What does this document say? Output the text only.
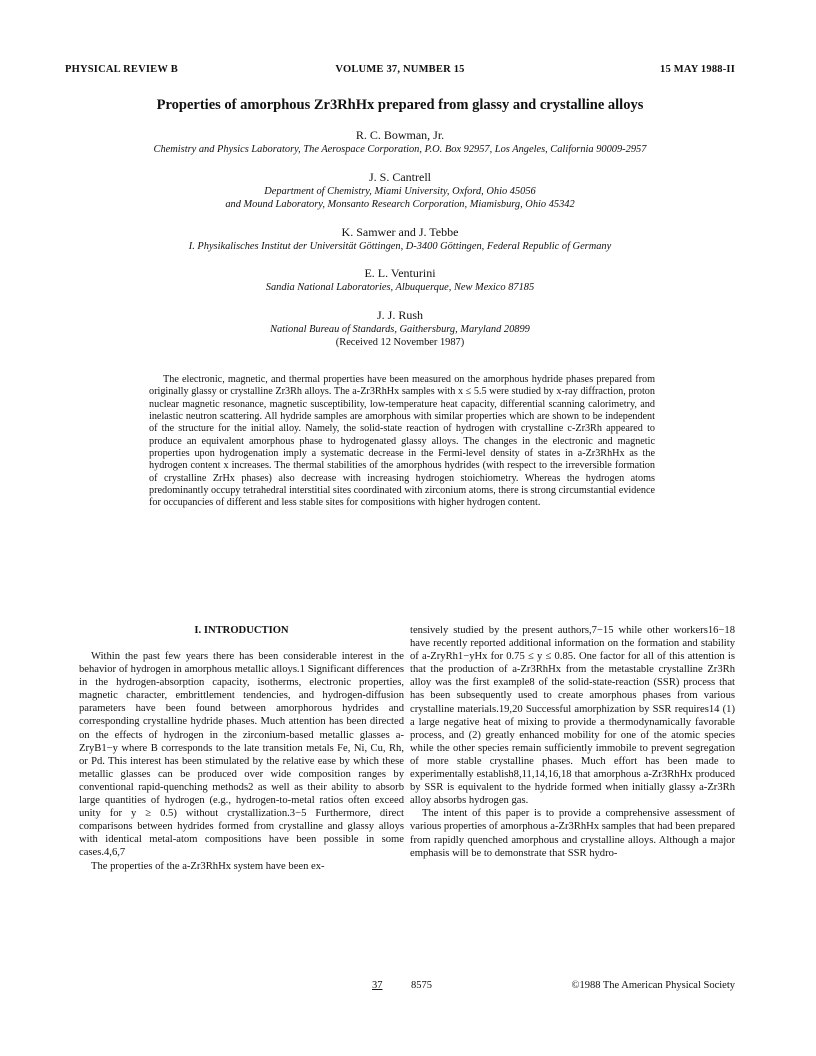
PHYSICAL REVIEW B	VOLUME 37, NUMBER 15	15 MAY 1988-II
Properties of amorphous Zr3RhHx prepared from glassy and crystalline alloys
R. C. Bowman, Jr.
Chemistry and Physics Laboratory, The Aerospace Corporation, P.O. Box 92957, Los Angeles, California 90009-2957
J. S. Cantrell
Department of Chemistry, Miami University, Oxford, Ohio 45056
and Mound Laboratory, Monsanto Research Corporation, Miamisburg, Ohio 45342
K. Samwer and J. Tebbe
I. Physikalisches Institut der Universität Göttingen, D-3400 Göttingen, Federal Republic of Germany
E. L. Venturini
Sandia National Laboratories, Albuquerque, New Mexico 87185
J. J. Rush
National Bureau of Standards, Gaithersburg, Maryland 20899
(Received 12 November 1987)

The electronic, magnetic, and thermal properties have been measured on the amorphous hydride phases prepared from originally glassy or crystalline Zr3Rh alloys. The a-Zr3RhHx samples with x ≤ 5.5 were studied by x-ray diffraction, proton nuclear magnetic resonance, magnetic susceptibility, low-temperature heat capacity, differential scanning calorimetry, and inelastic neutron scattering. All hydride samples are amorphous with similar properties which are shown to be independent of the structure for the initial alloy. Namely, the solid-state reaction of hydrogen with crystalline c-Zr3Rh appeared to produce an equivalent amorphous phase to hydrogenated glassy alloys. The changes in the electronic and magnetic properties upon hydrogenation imply a systematic decrease in the Fermi-level density of states in a-Zr3RhHx as the hydrogen content x increases. The thermal stabilities of the amorphous hydrides (with respect to the irreversible formation of crystalline ZrHx phases) also decrease with increasing hydrogen stoichiometry. Whereas the hydrogen atoms predominantly occupy tetrahedral interstitial sites coordinated with zirconium atoms, there is strong circumstantial evidence for occupancies of different and less stable sites for compositions with higher hydrogen content.

I. INTRODUCTION

Within the past few years there has been considerable interest in the behavior of hydrogen in amorphous metallic alloys.1 Significant differences in the hydrogen-absorption capacity, isotherms, electronic properties, magnetic character, embrittlement tendencies, and hydrogen-diffusion parameters have been found between amorphorous hydrides and corresponding crystalline hydride phases. Much attention has been directed on the effects of hydrogen in the zirconium-based metallic glasses a-ZryB1−y where B corresponds to the late transition metals Fe, Ni, Cu, Rh, or Pd. This interest has been stimulated by the relative ease by which these metallic glasses can be produced over wide composition ranges by conventional rapid-quenching methods2 as well as their ability to absorb large quantities of hydrogen (e.g., hydrogen-to-metal ratios often exceed unity for y ≥ 0.5) without crystallization.3−5 Furthermore, direct comparisons between hydrides formed from crystalline and glassy alloys with identical metal-atom compositions have been possible in some cases.4,6,7

The properties of the a-Zr3RhHx system have been ex-

tensively studied by the present authors,7−15 while other workers16−18 have recently reported additional information on the formation and stability of a-ZryRh1−yHx for 0.75 ≤ y ≤ 0.85. One factor for all of this attention is that the production of a-Zr3RhHx from the metastable crystalline Zr3Rh alloy was the first example8 of the solid-state-reaction (SSR) process that has been subsequently used to create amorphous phases from various crystalline materials.19,20 Successful amorphization by SSR requires14 (1) a large negative heat of mixing to provide a thermodynamically favorable process, and (2) greatly enhanced mobility for one of the atomic species while the other species remain sufficiently immobile to prevent segregation of more stable crystalline phases. Much effort has been made to experimentally establish8,11,14,16,18 that amorphous a-Zr3RhHx produced by SSR is equivalent to the hydride formed when initially glassy a-Zr3Rh alloy absorbs hydrogen gas.

The intent of this paper is to provide a comprehensive assessment of various properties of amorphous a-Zr3RhHx samples that had been prepared from rapidly quenched amorphous and crystalline alloys. Although a major emphasis will be to demonstrate that SSR hydro-

37	8575	©1988 The American Physical Society
